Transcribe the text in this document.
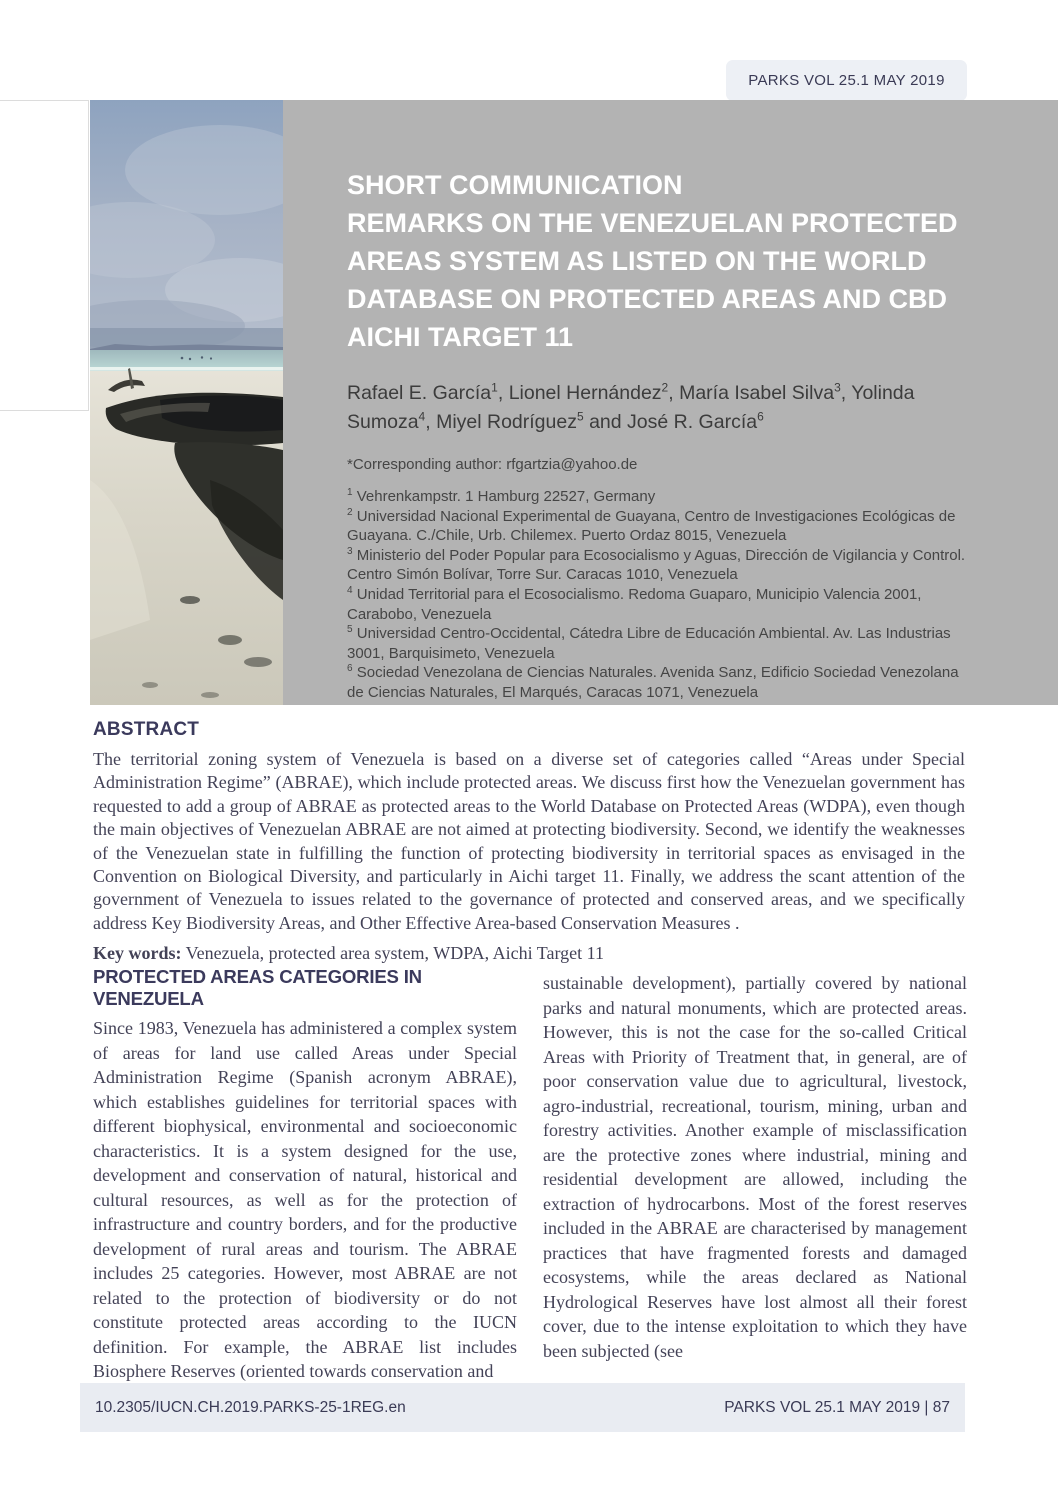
PARKS VOL 25.1 MAY 2019
SHORT COMMUNICATION
REMARKS ON THE VENEZUELAN PROTECTED
AREAS SYSTEM AS LISTED ON THE WORLD
DATABASE ON PROTECTED AREAS AND CBD
AICHI TARGET 11

Rafael E. García$^1$, Lionel Hernández$^2$, María Isabel Silva$^3$, Yolinda Sumoza$^4$, Miyel Rodríguez$^5$ and José R. García$^6$

*Corresponding author: rfgartzia@yahoo.de

$^1$ Vehrenkampstr. 1 Hamburg 22527, Germany

$^2$ Universidad Nacional Experimental de Guayana, Centro de Investigaciones Ecológicas de Guayana. C./Chile, Urb. Chilemex. Puerto Ordaz 8015, Venezuela

$^3$ Ministerio del Poder Popular para Ecosocialismo y Aguas, Dirección de Vigilancia y Control. Centro Simón Bolívar, Torre Sur. Caracas 1010, Venezuela

$^4$ Unidad Territorial para el Ecosocialismo. Redoma Guaparo, Municipio Valencia 2001, Carabobo, Venezuela

$^5$ Universidad Centro-Occidental, Cátedra Libre de Educación Ambiental. Av. Las Industrias 3001, Barquisimeto, Venezuela

$^6$ Sociedad Venezolana de Ciencias Naturales. Avenida Sanz, Edificio Sociedad Venezolana de Ciencias Naturales, El Marqués, Caracas 1071, Venezuela

ABSTRACT

The territorial zoning system of Venezuela is based on a diverse set of categories called “Areas under Special Administration Regime” (ABRAE), which include protected areas. We discuss first how the Venezuelan government has requested to add a group of ABRAE as protected areas to the World Database on Protected Areas (WDPA), even though the main objectives of Venezuelan ABRAE are not aimed at protecting biodiversity. Second, we identify the weaknesses of the Venezuelan state in fulfilling the function of protecting biodiversity in territorial spaces as envisaged in the Convention on Biological Diversity, and particularly in Aichi target 11. Finally, we address the scant attention of the government of Venezuela to issues related to the governance of protected and conserved areas, and we specifically address Key Biodiversity Areas, and Other Effective Area-based Conservation Measures .

Key words: Venezuela, protected area system, WDPA, Aichi Target 11

PROTECTED AREAS CATEGORIES IN VENEZUELA

Since 1983, Venezuela has administered a complex system of areas for land use called Areas under Special Administration Regime (Spanish acronym ABRAE), which establishes guidelines for territorial spaces with different biophysical, environmental and socioeconomic characteristics. It is a system designed for the use, development and conservation of natural, historical and cultural resources, as well as for the protection of infrastructure and country borders, and for the productive development of rural areas and tourism. The ABRAE includes 25 categories. However, most ABRAE are not related to the protection of biodiversity or do not constitute protected areas according to the IUCN definition. For example, the ABRAE list includes Biosphere Reserves (oriented towards conservation and

sustainable development), partially covered by national parks and natural monuments, which are protected areas. However, this is not the case for the so-called Critical Areas with Priority of Treatment that, in general, are of poor conservation value due to agricultural, livestock, agro-industrial, recreational, tourism, mining, urban and forestry activities. Another example of misclassification are the protective zones where industrial, mining and residential development are allowed, including the extraction of hydrocarbons. Most of the forest reserves included in the ABRAE are characterised by management practices that have fragmented forests and damaged ecosystems, while the areas declared as National Hydrological Reserves have lost almost all their forest cover, due to the intense exploitation to which they have been subjected (see

10.2305/IUCN.CH.2019.PARKS-25-1REG.en	PARKS VOL 25.1 MAY 2019 | 87
